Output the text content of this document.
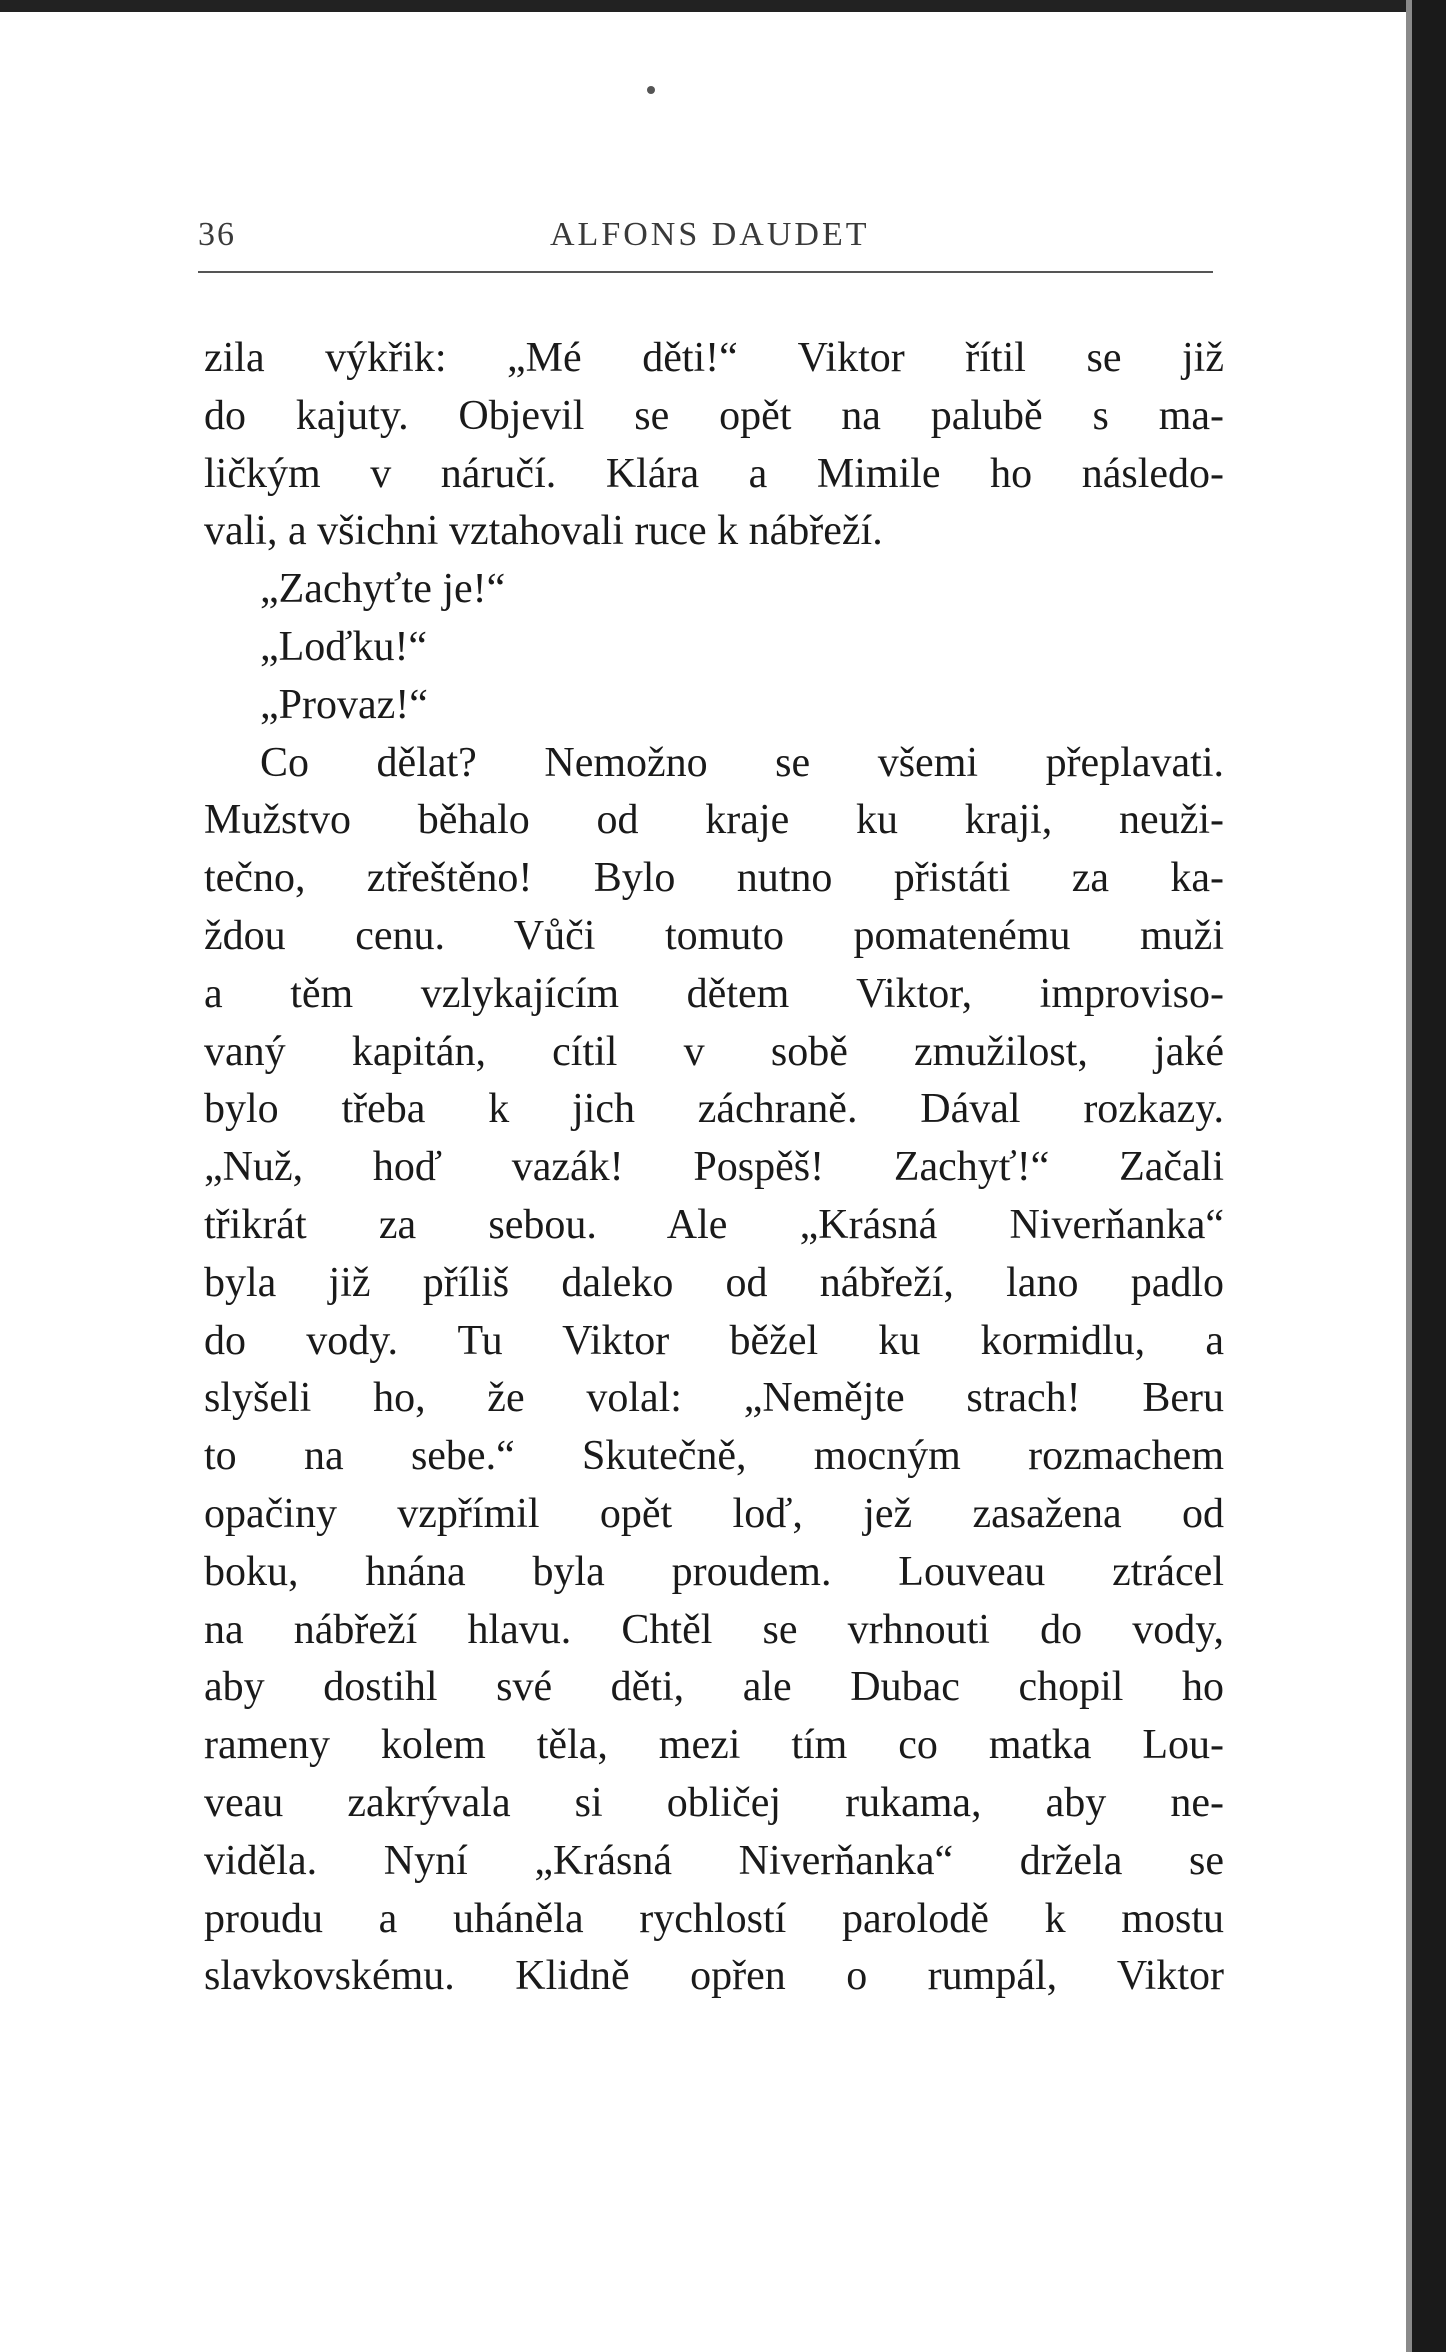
36	ALFONS DAUDET
zila výkřik: „Mé děti!“ Viktor řítil se již
do kajuty. Objevil se opět na palubě s ma-
ličkým v náručí. Klára a Mimile ho následo-
vali, a všichni vztahovali ruce k nábřeží.
„Zachyťte je!“
„Loďku!“
„Provaz!“
Co dělat? Nemožno se všemi přeplavati.
Mužstvo běhalo od kraje ku kraji, neuži-
tečno, ztřeštěno! Bylo nutno přistáti za ka-
ždou cenu. Vůči tomuto pomatenému muži
a těm vzlykajícím dětem Viktor, improviso-
vaný kapitán, cítil v sobě zmužilost, jaké
bylo třeba k jich záchraně. Dával rozkazy.
„Nuž, hoď vazák! Pospěš! Zachyť!“ Začali
třikrát za sebou. Ale „Krásná Niverňanka“
byla již příliš daleko od nábřeží, lano padlo
do vody. Tu Viktor běžel ku kormidlu, a
slyšeli ho, že volal: „Nemějte strach! Beru
to na sebe.“ Skutečně, mocným rozmachem
opačiny vzpřímil opět loď, jež zasažena od
boku, hnána byla proudem. Louveau ztrácel
na nábřeží hlavu. Chtěl se vrhnouti do vody,
aby dostihl své děti, ale Dubac chopil ho
rameny kolem těla, mezi tím co matka Lou-
veau zakrývala si obličej rukama, aby ne-
viděla. Nyní „Krásná Niverňanka“ držela se
proudu a uháněla rychlostí parolodě k mostu
slavkovskému. Klidně opřen o rumpál, Viktor
